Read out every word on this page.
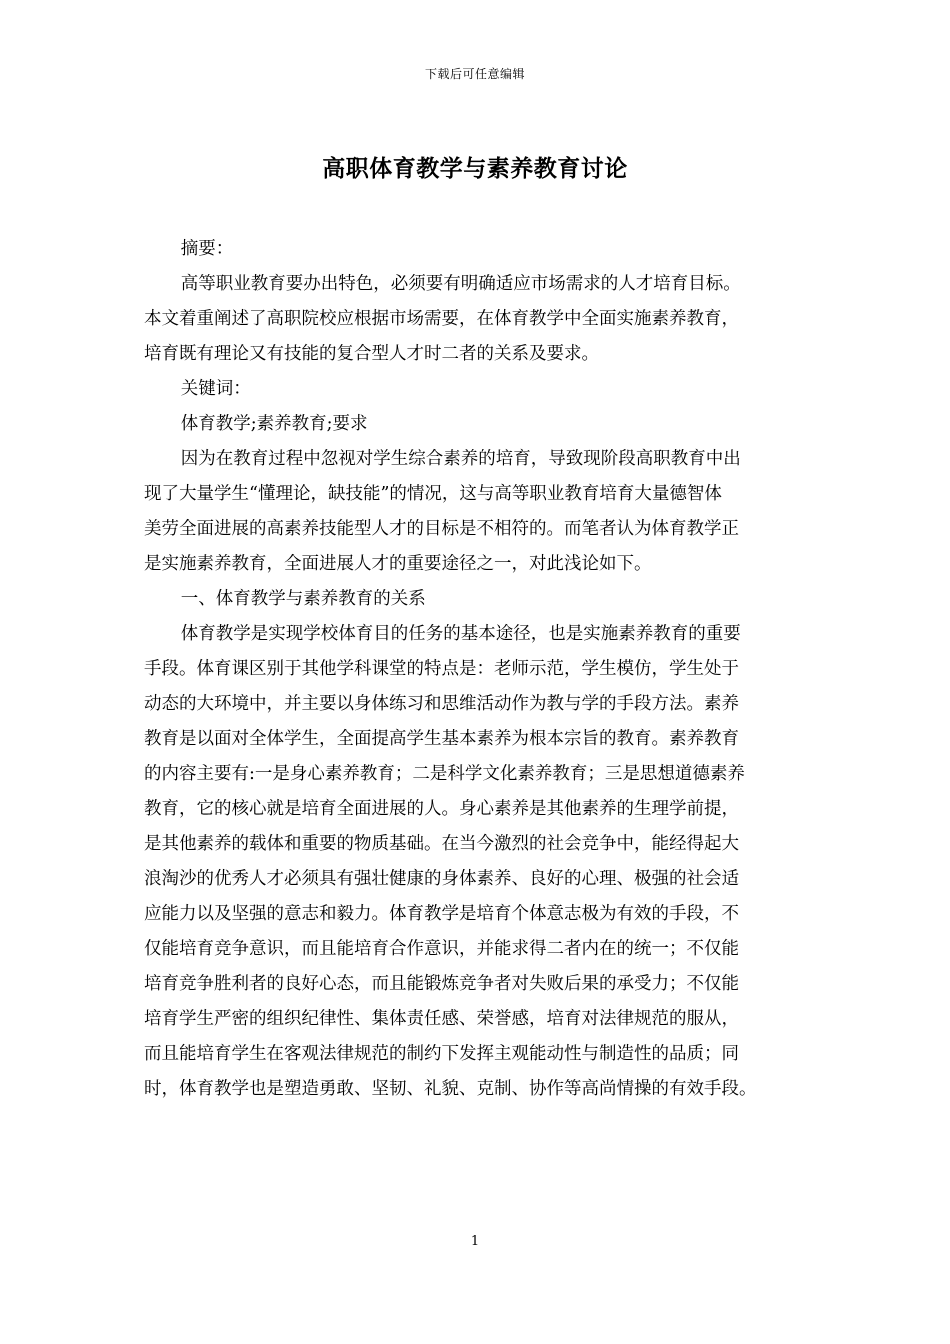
下载后可任意编辑
高职体育教学与素养教育讨论

摘要：

高等职业教育要办出特色，必须要有明确适应市场需求的人才培育目标。

本文着重阐述了高职院校应根据市场需要，在体育教学中全面实施素养教育，

培育既有理论又有技能的复合型人才时二者的关系及要求。

关键词：

体育教学;素养教育;要求

因为在教育过程中忽视对学生综合素养的培育，导致现阶段高职教育中出

现了大量学生“懂理论，缺技能”的情况，这与高等职业教育培育大量德智体

美劳全面进展的高素养技能型人才的目标是不相符的。而笔者认为体育教学正

是实施素养教育，全面进展人才的重要途径之一，对此浅论如下。

一、体育教学与素养教育的关系

体育教学是实现学校体育目的任务的基本途径，也是实施素养教育的重要

手段。体育课区别于其他学科课堂的特点是：老师示范，学生模仿，学生处于

动态的大环境中，并主要以身体练习和思维活动作为教与学的手段方法。素养

教育是以面对全体学生，全面提高学生基本素养为根本宗旨的教育。素养教育

的内容主要有:一是身心素养教育；二是科学文化素养教育；三是思想道德素养

教育，它的核心就是培育全面进展的人。身心素养是其他素养的生理学前提，

是其他素养的载体和重要的物质基础。在当今激烈的社会竞争中，能经得起大

浪淘沙的优秀人才必须具有强壮健康的身体素养、良好的心理、极强的社会适

应能力以及坚强的意志和毅力。体育教学是培育个体意志极为有效的手段，不

仅能培育竞争意识，而且能培育合作意识，并能求得二者内在的统一；不仅能

培育竞争胜利者的良好心态，而且能锻炼竞争者对失败后果的承受力；不仅能

培育学生严密的组织纪律性、集体责任感、荣誉感，培育对法律规范的服从，

而且能培育学生在客观法律规范的制约下发挥主观能动性与制造性的品质；同

时，体育教学也是塑造勇敢、坚韧、礼貌、克制、协作等高尚情操的有效手段。

1
